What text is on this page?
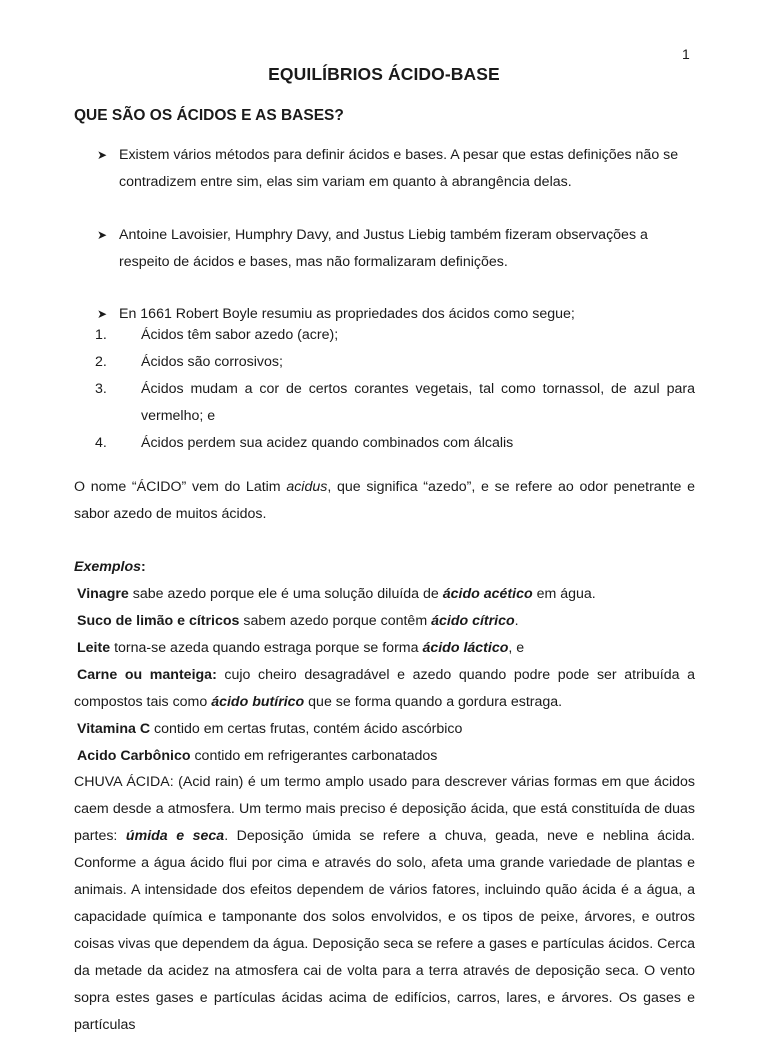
1
EQUILÍBRIOS ÁCIDO-BASE
QUE SÃO OS ÁCIDOS E AS BASES?
➤ Existem vários métodos para definir ácidos e bases. A pesar que estas definições não se contradizem entre sim, elas sim variam em quanto à abrangência delas.
➤ Antoine Lavoisier, Humphry Davy, and Justus Liebig também fizeram observações a respeito de ácidos e bases, mas não formalizaram definições.
➤ En 1661 Robert Boyle resumiu as propriedades dos ácidos como segue;
1. Ácidos têm sabor azedo (acre);
2. Ácidos são corrosivos;
3. Ácidos mudam a cor de certos corantes vegetais, tal como tornassol, de azul para vermelho; e
4. Ácidos perdem sua acidez quando combinados com álcalis
O nome “ÁCIDO” vem do Latim acidus, que significa “azedo”, e se refere ao odor penetrante e sabor azedo de muitos ácidos.
Exemplos:
Vinagre sabe azedo porque ele é uma solução diluída de ácido acético em água.
Suco de limão e cítricos sabem azedo porque contêm ácido cítrico.
Leite torna-se azeda quando estraga porque se forma ácido láctico, e
Carne ou manteiga: cujo cheiro desagradável e azedo quando podre pode ser atribuída a compostos tais como ácido butírico que se forma quando a gordura estraga.
Vitamina C contido em certas frutas, contém ácido ascórbico
Acido Carbônico contido em refrigerantes carbonatados
CHUVA ÁCIDA: (Acid rain) é um termo amplo usado para descrever várias formas em que ácidos caem desde a atmosfera. Um termo mais preciso é deposição ácida, que está constituída de duas partes: úmida e seca. Deposição úmida se refere a chuva, geada, neve e neblina ácida. Conforme a água ácido flui por cima e através do solo, afeta uma grande variedade de plantas e animais. A intensidade dos efeitos dependem de vários fatores, incluindo quão ácida é a água, a capacidade química e tamponante dos solos envolvidos, e os tipos de peixe, árvores, e outros coisas vivas que dependem da água. Deposição seca se refere a gases e partículas ácidos. Cerca da metade da acidez na atmosfera cai de volta para a terra através de deposição seca. O vento sopra estes gases e partículas ácidas acima de edifícios, carros, lares, e árvores. Os gases e partículas
